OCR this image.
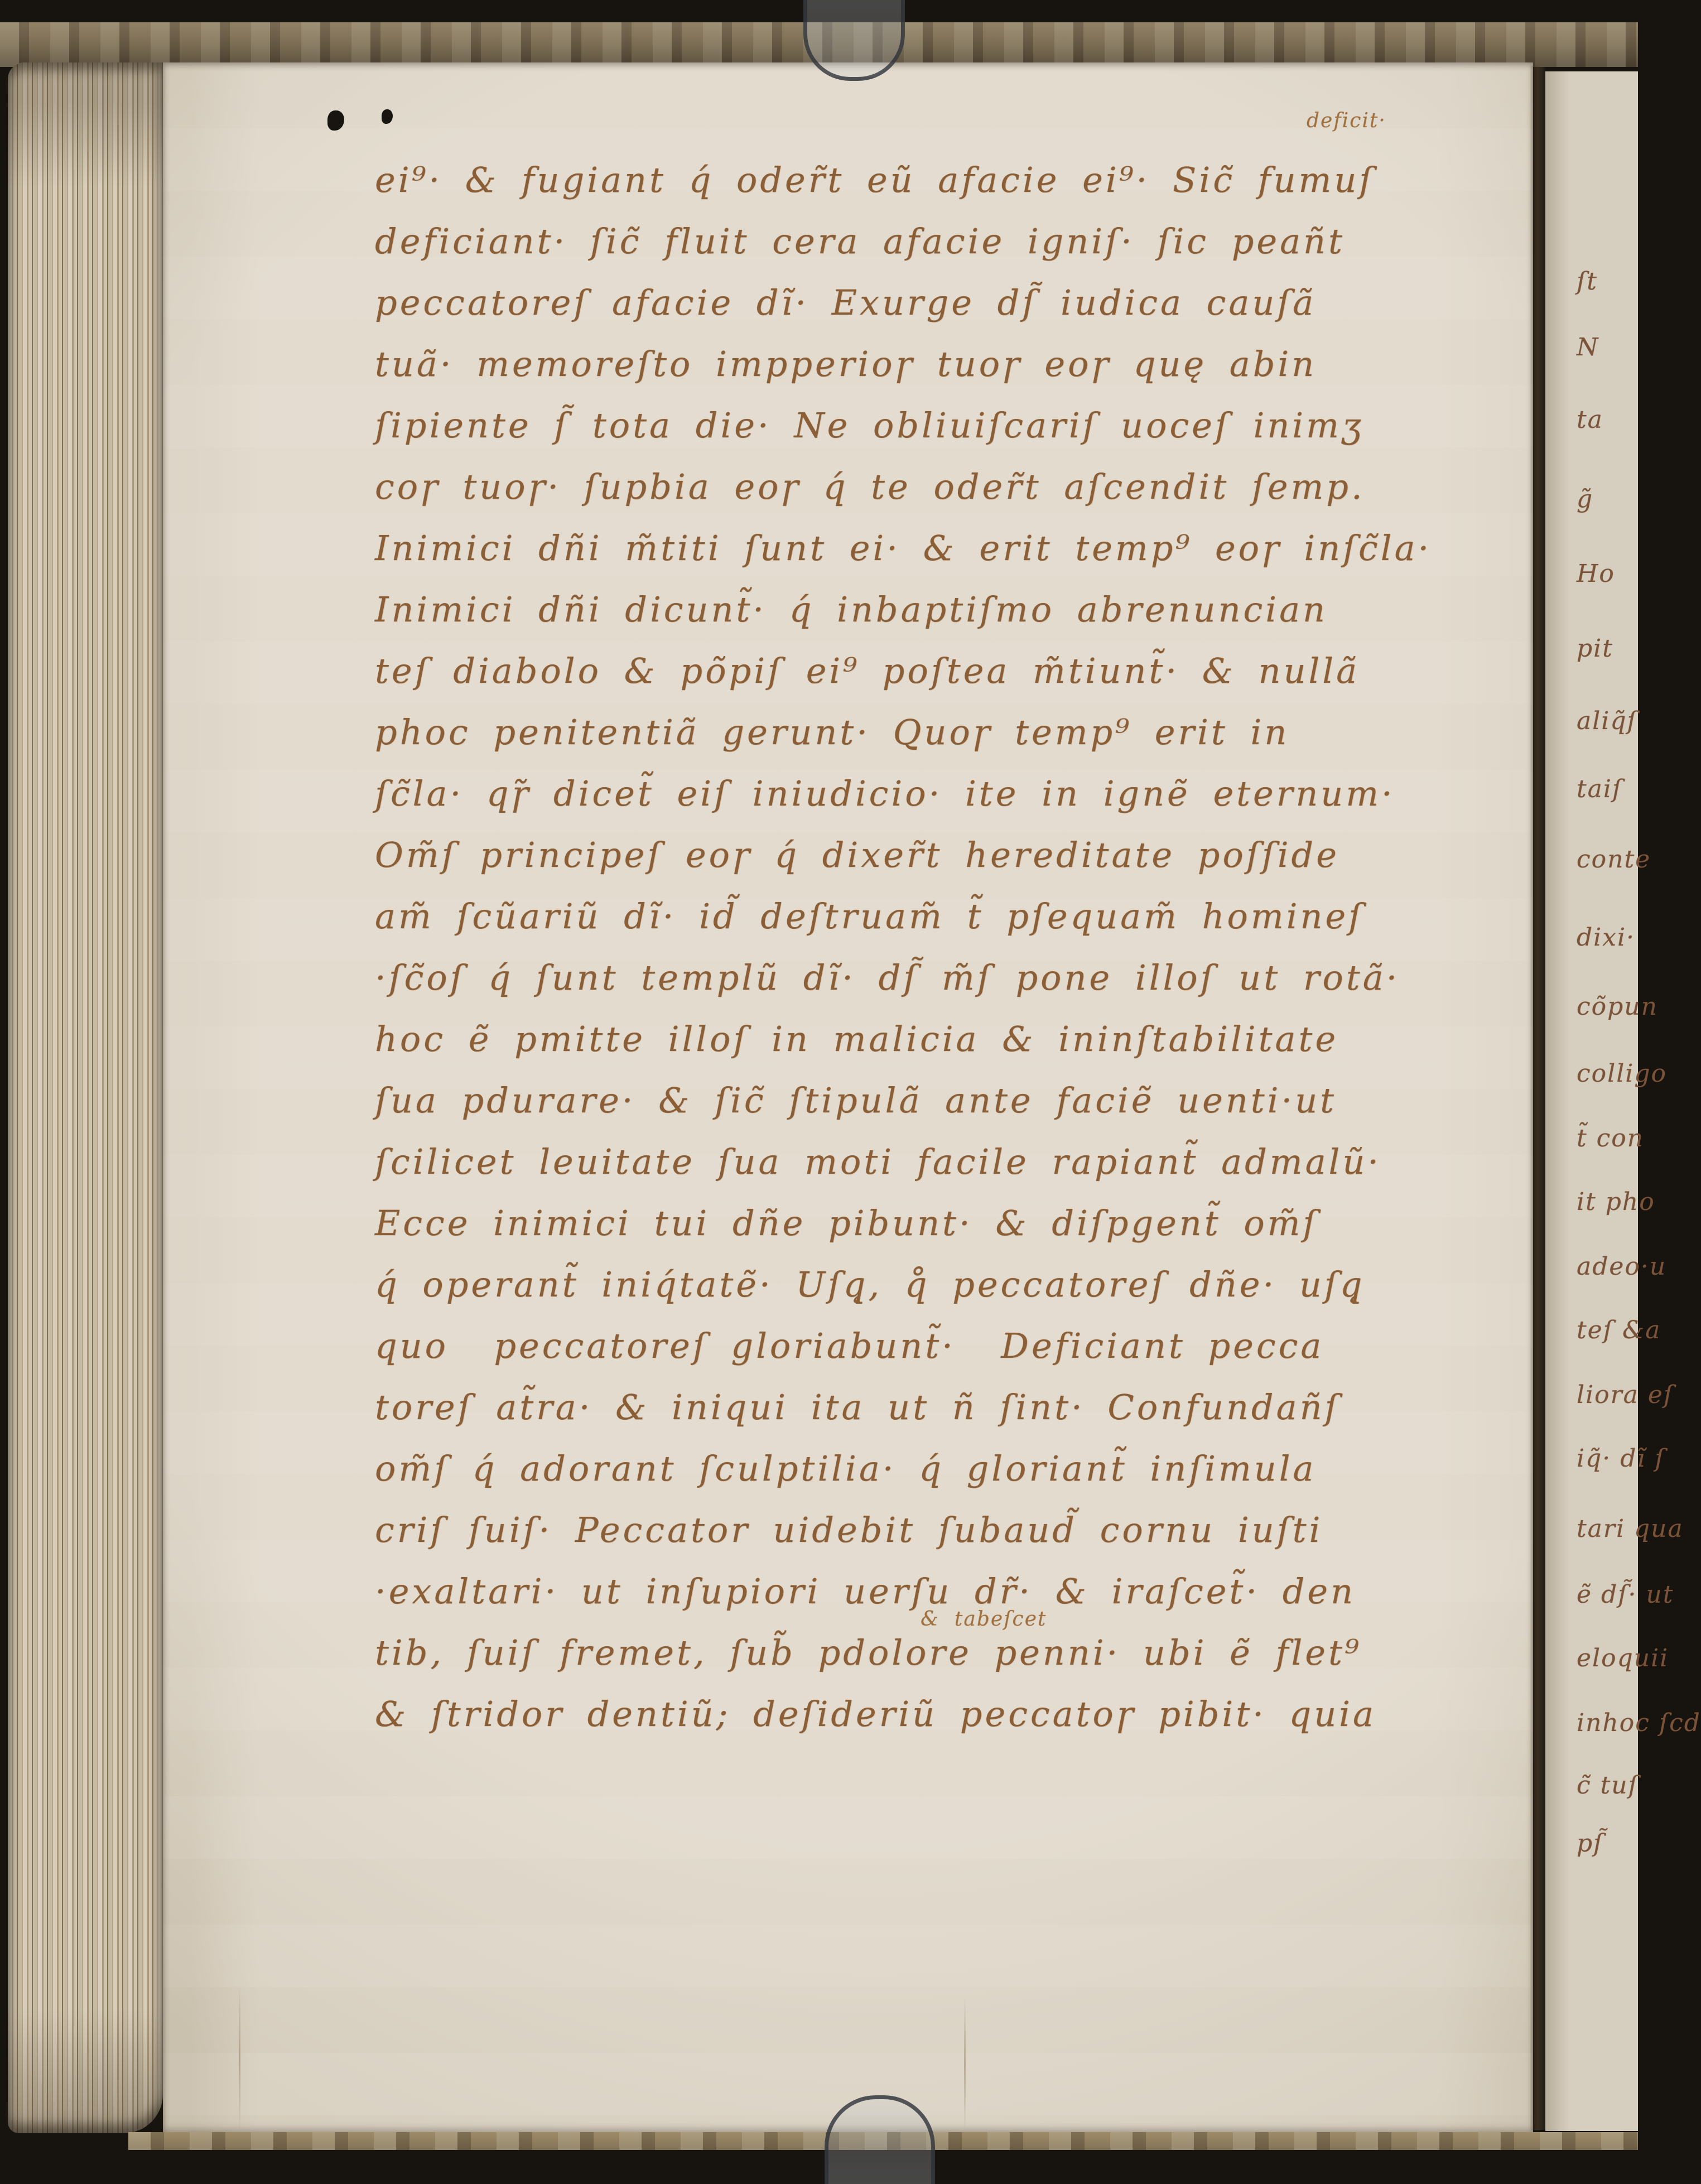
deficit·
ei⁹· & fugiant q́ oder̃t eũ afacie ei⁹· Sic̃ fumuſ
deficiant· ſic̃ fluit cera afacie igniſ· ſic peañt
peccatoreſ afacie dĩ· Exurge dſ̃ iudica cauſã
tuã· memoreſto impperioɼ tuoɼ eoɼ quę abin
ſipiente ſ̃ tota die· Ne obliuiſcariſ uoceſ inimʒ
coɼ tuoɼ· ſupbia eoɼ q́ te oder̃t aſcendit ſemp.
Inimici dñi m̃titi ſunt ei· & erit temp⁹ eoɼ inſc̃la·
Inimici dñi dicunt̃· q́ inbaptiſmo abrenuncian
teſ diabolo & põpiſ ei⁹ poſtea m̃tiunt̃· & nullã
phoc penitentiã gerunt· Quoɼ temp⁹ erit in
ſc̃la· qɼ̃ dicet̃ eiſ iniudicio· ite in ignẽ eternum·
Om̃ſ principeſ eoɼ q́ dixer̃t hereditate poſſide
am̃ ſcũariũ dĩ· id̃ deſtruam̃ t̃ pſequam̃ homineſ
·ſc̃oſ q́ ſunt templũ dĩ· dſ̃ m̃ſ pone illoſ ut rotã·
hoc ẽ pmitte illoſ in malicia & ininſtabilitate
ſua pdurare· & ſic̃ ſtipulã ante faciẽ uenti·ut
ſcilicet leuitate ſua moti facile rapiant̃ admalũ·
Ecce inimici tui dñe pibunt· & diſpgent̃ om̃ſ
q́ operant̃ iniq́tatẽ· Uſq̨, q̊ peccatoreſ dñe· uſq̨
quo  peccatoreſ gloriabunt̃·  Deficiant pecca
toreſ at̃ra· & iniqui ita ut ñ ſint· Confundañſ
om̃ſ q́ adorant ſculptilia· q́ gloriant̃ inſimula
criſ ſuiſ· Peccator uidebit ſubaud̃ cornu iuſti
·exaltari· ut inſupiori uerſu dr̃· & iraſcet̃· den
tib, ſuiſ fremet, ſub̃ pdolore penni· ubi ẽ flet⁹
& ſtridor dentiũ; deſideriũ peccatoɼ pibit· quia
&  tabeſcet
ſt
N
ta
g̃
Ho
pit
aliq̃ſ
taiſ
conte
dixi·
cõpun
colligo
t̃ con
it pho
adeo·u
teſ &a
liora eſ
iq̃· dĩ ſ
tari qua
ẽ dſ̃· ut
eloquii
inhoc ſcd
c̃ tuſ
pſ̃
